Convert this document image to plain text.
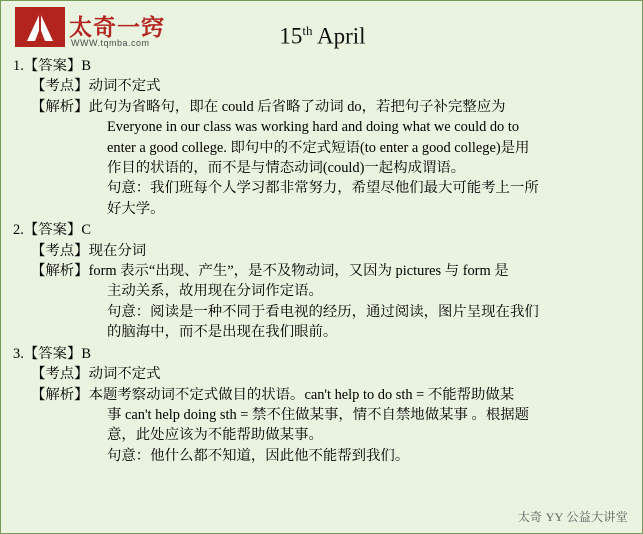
太奇一窍
WWW.tqmba.com	15th April
1. 【答案】 B
【考点】 动词不定式
【解析】 此句为省略句，即在 could 后省略了动词 do，若把句子补完整应为
Everyone in our class was working hard and doing what we could do to
enter a good college. 即句中的不定式短语(to enter a good college)是用
作目的状语的，而不是与情态动词(could)一起构成谓语。
句意：我们班每个人学习都非常努力，希望尽他们最大可能考上一所
好大学。
2. 【答案】 C
【考点】 现在分词
【解析】 form 表示“出现、产生”，是不及物动词，又因为 pictures 与 form 是
主动关系，故用现在分词作定语。
句意：阅读是一种不同于看电视的经历，通过阅读，图片呈现在我们
的脑海中，而不是出现在我们眼前。
3. 【答案】 B
【考点】 动词不定式
【解析】 本题考察动词不定式做目的状语。can't help to do sth = 不能帮助做某
事 can't help doing sth = 禁不住做某事，情不自禁地做某事 。根据题
意，此处应该为不能帮助做某事。
句意：他什么都不知道，因此他不能帮到我们。
太奇 YY 公益大讲堂
